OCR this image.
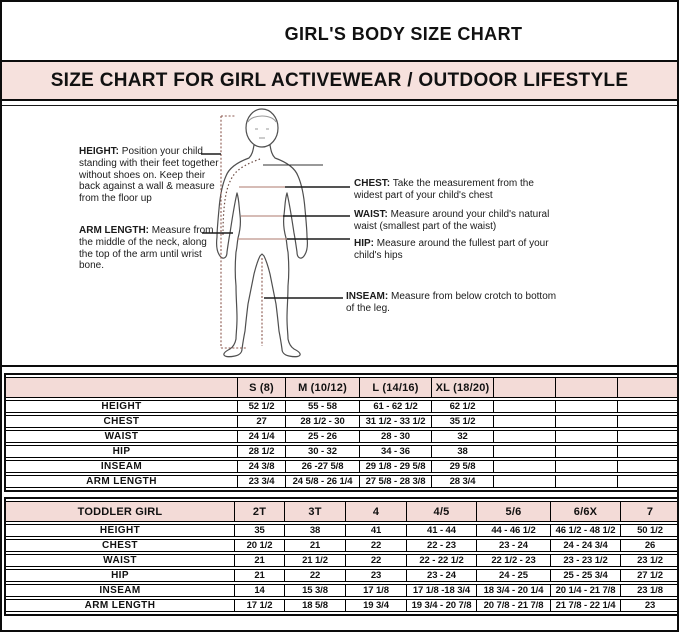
GIRL'S BODY SIZE CHART
SIZE CHART FOR GIRL ACTIVEWEAR / OUTDOOR LIFESTYLE
HEIGHT: Position your child standing with their feet together without shoes on. Keep their back against a wall & measure from the floor up
ARM LENGTH: Measure from the middle of the neck, along the top of the arm until wrist bone.
CHEST: Take the measurement from the widest part of your child's chest
WAIST: Measure around your child's natural waist (smallest part of the waist)
HIP: Measure around the fullest part of your child's hips
INSEAM: Measure from below crotch to bottom of the leg.
	S (8)	M (10/12)	L (14/16)	XL (18/20)			
HEIGHT	52 1/2	55 - 58	61 - 62 1/2	62 1/2			
CHEST	27	28 1/2 - 30	31 1/2 - 33 1/2	35 1/2			
WAIST	24 1/4	25 - 26	28 - 30	32			
HIP	28 1/2	30 - 32	34 - 36	38			
INSEAM	24 3/8	26 -27 5/8	29 1/8 - 29 5/8	29 5/8			
ARM LENGTH	23 3/4	24 5/8 - 26 1/4	27 5/8 - 28 3/8	28 3/4			
TODDLER GIRL	2T	3T	4	4/5	5/6	6/6X	7
HEIGHT	35	38	41	41 - 44	44 - 46 1/2	46 1/2 - 48 1/2	50 1/2
CHEST	20 1/2	21	22	22 - 23	23 - 24	24 - 24 3/4	26
WAIST	21	21 1/2	22	22 - 22 1/2	22 1/2 - 23	23 - 23 1/2	23 1/2
HIP	21	22	23	23 - 24	24 - 25	25 - 25 3/4	27 1/2
INSEAM	14	15 3/8	17 1/8	17 1/8 -18 3/4	18 3/4 - 20 1/4	20 1/4 - 21 7/8	23 1/8
ARM LENGTH	17 1/2	18 5/8	19 3/4	19 3/4 - 20 7/8	20 7/8 - 21 7/8	21 7/8 - 22 1/4	23
